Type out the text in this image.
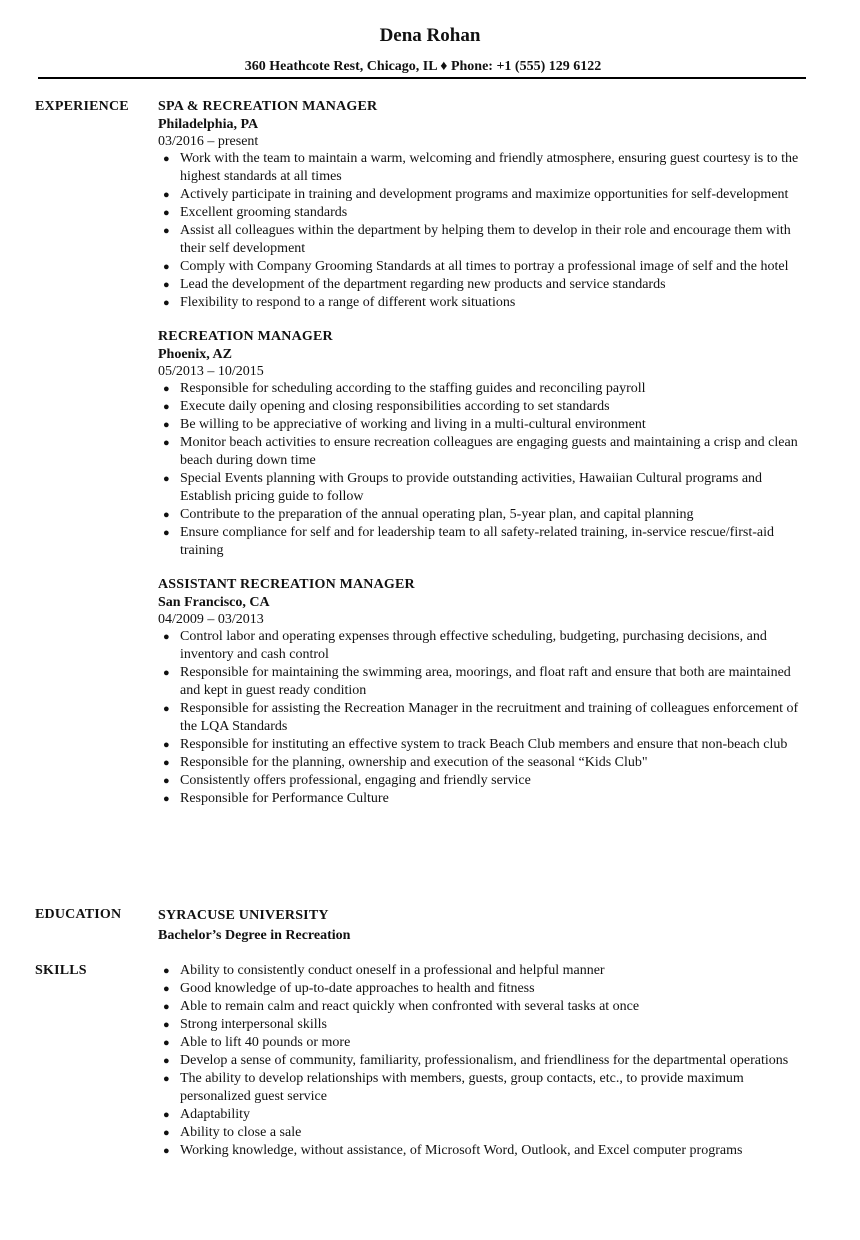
Dena Rohan
360 Heathcote Rest, Chicago, IL ♦ Phone: +1 (555) 129 6122
EXPERIENCE SPA & RECREATION MANAGER
Philadelphia, PA
03/2016 – present
● Work with the team to maintain a warm, welcoming and friendly atmosphere, ensuring guest courtesy is to the highest standards at all times
● Actively participate in training and development programs and maximize opportunities for self-development
● Excellent grooming standards
● Assist all colleagues within the department by helping them to develop in their role and encourage them with their self development
● Comply with Company Grooming Standards at all times to portray a professional image of self and the hotel
● Lead the development of the department regarding new products and service standards
● Flexibility to respond to a range of different work situations
RECREATION MANAGER
Phoenix, AZ
05/2013 – 10/2015
● Responsible for scheduling according to the staffing guides and reconciling payroll
● Execute daily opening and closing responsibilities according to set standards
● Be willing to be appreciative of working and living in a multi-cultural environment
● Monitor beach activities to ensure recreation colleagues are engaging guests and maintaining a crisp and clean beach during down time
● Special Events planning with Groups to provide outstanding activities, Hawaiian Cultural programs and Establish pricing guide to follow
● Contribute to the preparation of the annual operating plan, 5-year plan, and capital planning
● Ensure compliance for self and for leadership team to all safety-related training, in-service rescue/first-aid training
ASSISTANT RECREATION MANAGER
San Francisco, CA
04/2009 – 03/2013
● Control labor and operating expenses through effective scheduling, budgeting, purchasing decisions, and inventory and cash control
● Responsible for maintaining the swimming area, moorings, and float raft and ensure that both are maintained and kept in guest ready condition
● Responsible for assisting the Recreation Manager in the recruitment and training of colleagues enforcement of the LQA Standards
● Responsible for instituting an effective system to track Beach Club members and ensure that non-beach club
● Responsible for the planning, ownership and execution of the seasonal “Kids Club"
● Consistently offers professional, engaging and friendly service
● Responsible for Performance Culture
EDUCATION	SYRACUSE UNIVERSITY
Bachelor’s Degree in Recreation
SKILLS	● Ability to consistently conduct oneself in a professional and helpful manner
● Good knowledge of up-to-date approaches to health and fitness
● Able to remain calm and react quickly when confronted with several tasks at once
● Strong interpersonal skills
● Able to lift 40 pounds or more
● Develop a sense of community, familiarity, professionalism, and friendliness for the departmental operations
● The ability to develop relationships with members, guests, group contacts, etc., to provide maximum personalized guest service
● Adaptability
● Ability to close a sale
● Working knowledge, without assistance, of Microsoft Word, Outlook, and Excel computer programs
